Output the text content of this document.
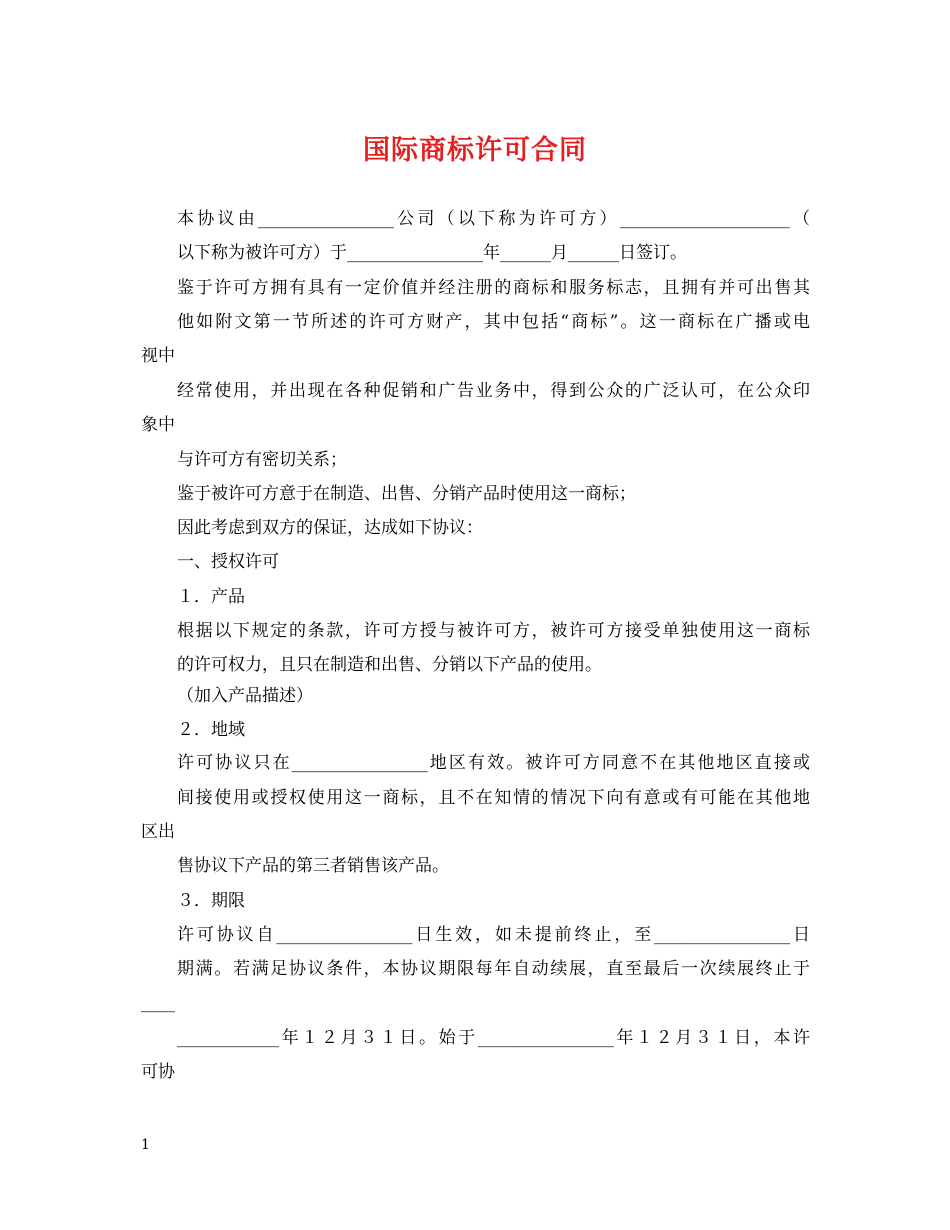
国际商标许可合同
本协议由________________公司（以下称为许可方）____________________（
以下称为被许可方）于________________年______月______日签订。
鉴于许可方拥有具有一定价值并经注册的商标和服务标志，且拥有并可出售其
他如附文第一节所述的许可方财产，其中包括“商标”。这一商标在广播或电
视中
经常使用，并出现在各种促销和广告业务中，得到公众的广泛认可，在公众印
象中
与许可方有密切关系；
鉴于被许可方意于在制造、出售、分销产品时使用这一商标；
因此考虑到双方的保证，达成如下协议：
一、授权许可
１．产品
根据以下规定的条款，许可方授与被许可方，被许可方接受单独使用这一商标
的许可权力，且只在制造和出售、分销以下产品的使用。
（加入产品描述）
２．地域
许可协议只在________________地区有效。被许可方同意不在其他地区直接或
间接使用或授权使用这一商标，且不在知情的情况下向有意或有可能在其他地
区出
售协议下产品的第三者销售该产品。
３．期限
许可协议自________________日生效，如未提前终止，至________________日
期满。若满足协议条件，本协议期限每年自动续展，直至最后一次续展终止于
____
____________年１２月３１日。始于________________年１２月３１日，本许
可协
1
